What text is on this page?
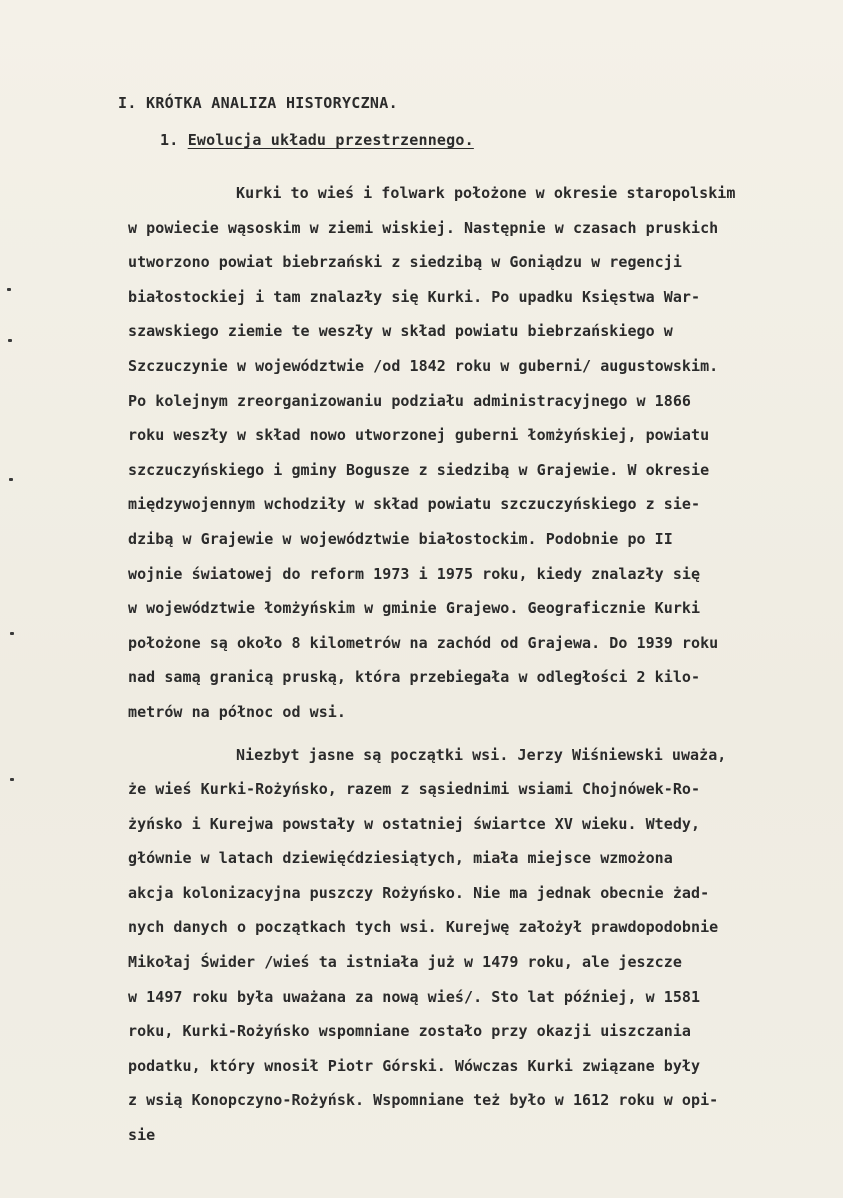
I. KRÓTKA ANALIZA HISTORYCZNA.
1. Ewolucja układu przestrzennego.
Kurki to wieś i folwark położone w okresie staropolskim
w powiecie wąsoskim w ziemi wiskiej. Następnie w czasach pruskich
utworzono powiat biebrzański z siedzibą w Goniądzu w regencji
białostockiej i tam znalazły się Kurki. Po upadku Księstwa War-
szawskiego ziemie te weszły w skład powiatu biebrzańskiego w
Szczuczynie w województwie /od 1842 roku w guberni/ augustowskim.
Po kolejnym zreorganizowaniu podziału administracyjnego w 1866
roku weszły w skład nowo utworzonej guberni łomżyńskiej, powiatu
szczuczyńskiego i gminy Bogusze z siedzibą w Grajewie. W okresie
międzywojennym wchodziły w skład powiatu szczuczyńskiego z sie-
dzibą w Grajewie w województwie białostockim. Podobnie po II
wojnie światowej do reform 1973 i 1975 roku, kiedy znalazły się
w województwie łomżyńskim w gminie Grajewo. Geograficznie Kurki
położone są około 8 kilometrów na zachód od Grajewa. Do 1939 roku
nad samą granicą pruską, która przebiegała w odległości 2 kilo-
metrów na północ od wsi.
Niezbyt jasne są początki wsi. Jerzy Wiśniewski uważa,
że wieś Kurki-Rożyńsko, razem z sąsiednimi wsiami Chojnówek-Ro-
żyńsko i Kurejwa powstały w ostatniej świartce XV wieku. Wtedy,
głównie w latach dziewięćdziesiątych, miała miejsce wzmożona
akcja kolonizacyjna puszczy Rożyńsko. Nie ma jednak obecnie żad-
nych danych o początkach tych wsi. Kurejwę założył prawdopodobnie
Mikołaj Świder /wieś ta istniała już w 1479 roku, ale jeszcze
w 1497 roku była uważana za nową wieś/. Sto lat później, w 1581
roku, Kurki-Rożyńsko wspomniane zostało przy okazji uiszczania
podatku, który wnosił Piotr Górski. Wówczas Kurki związane były
z wsią Konopczyno-Rożyńsk. Wspomniane też było w 1612 roku w opi-
sie
